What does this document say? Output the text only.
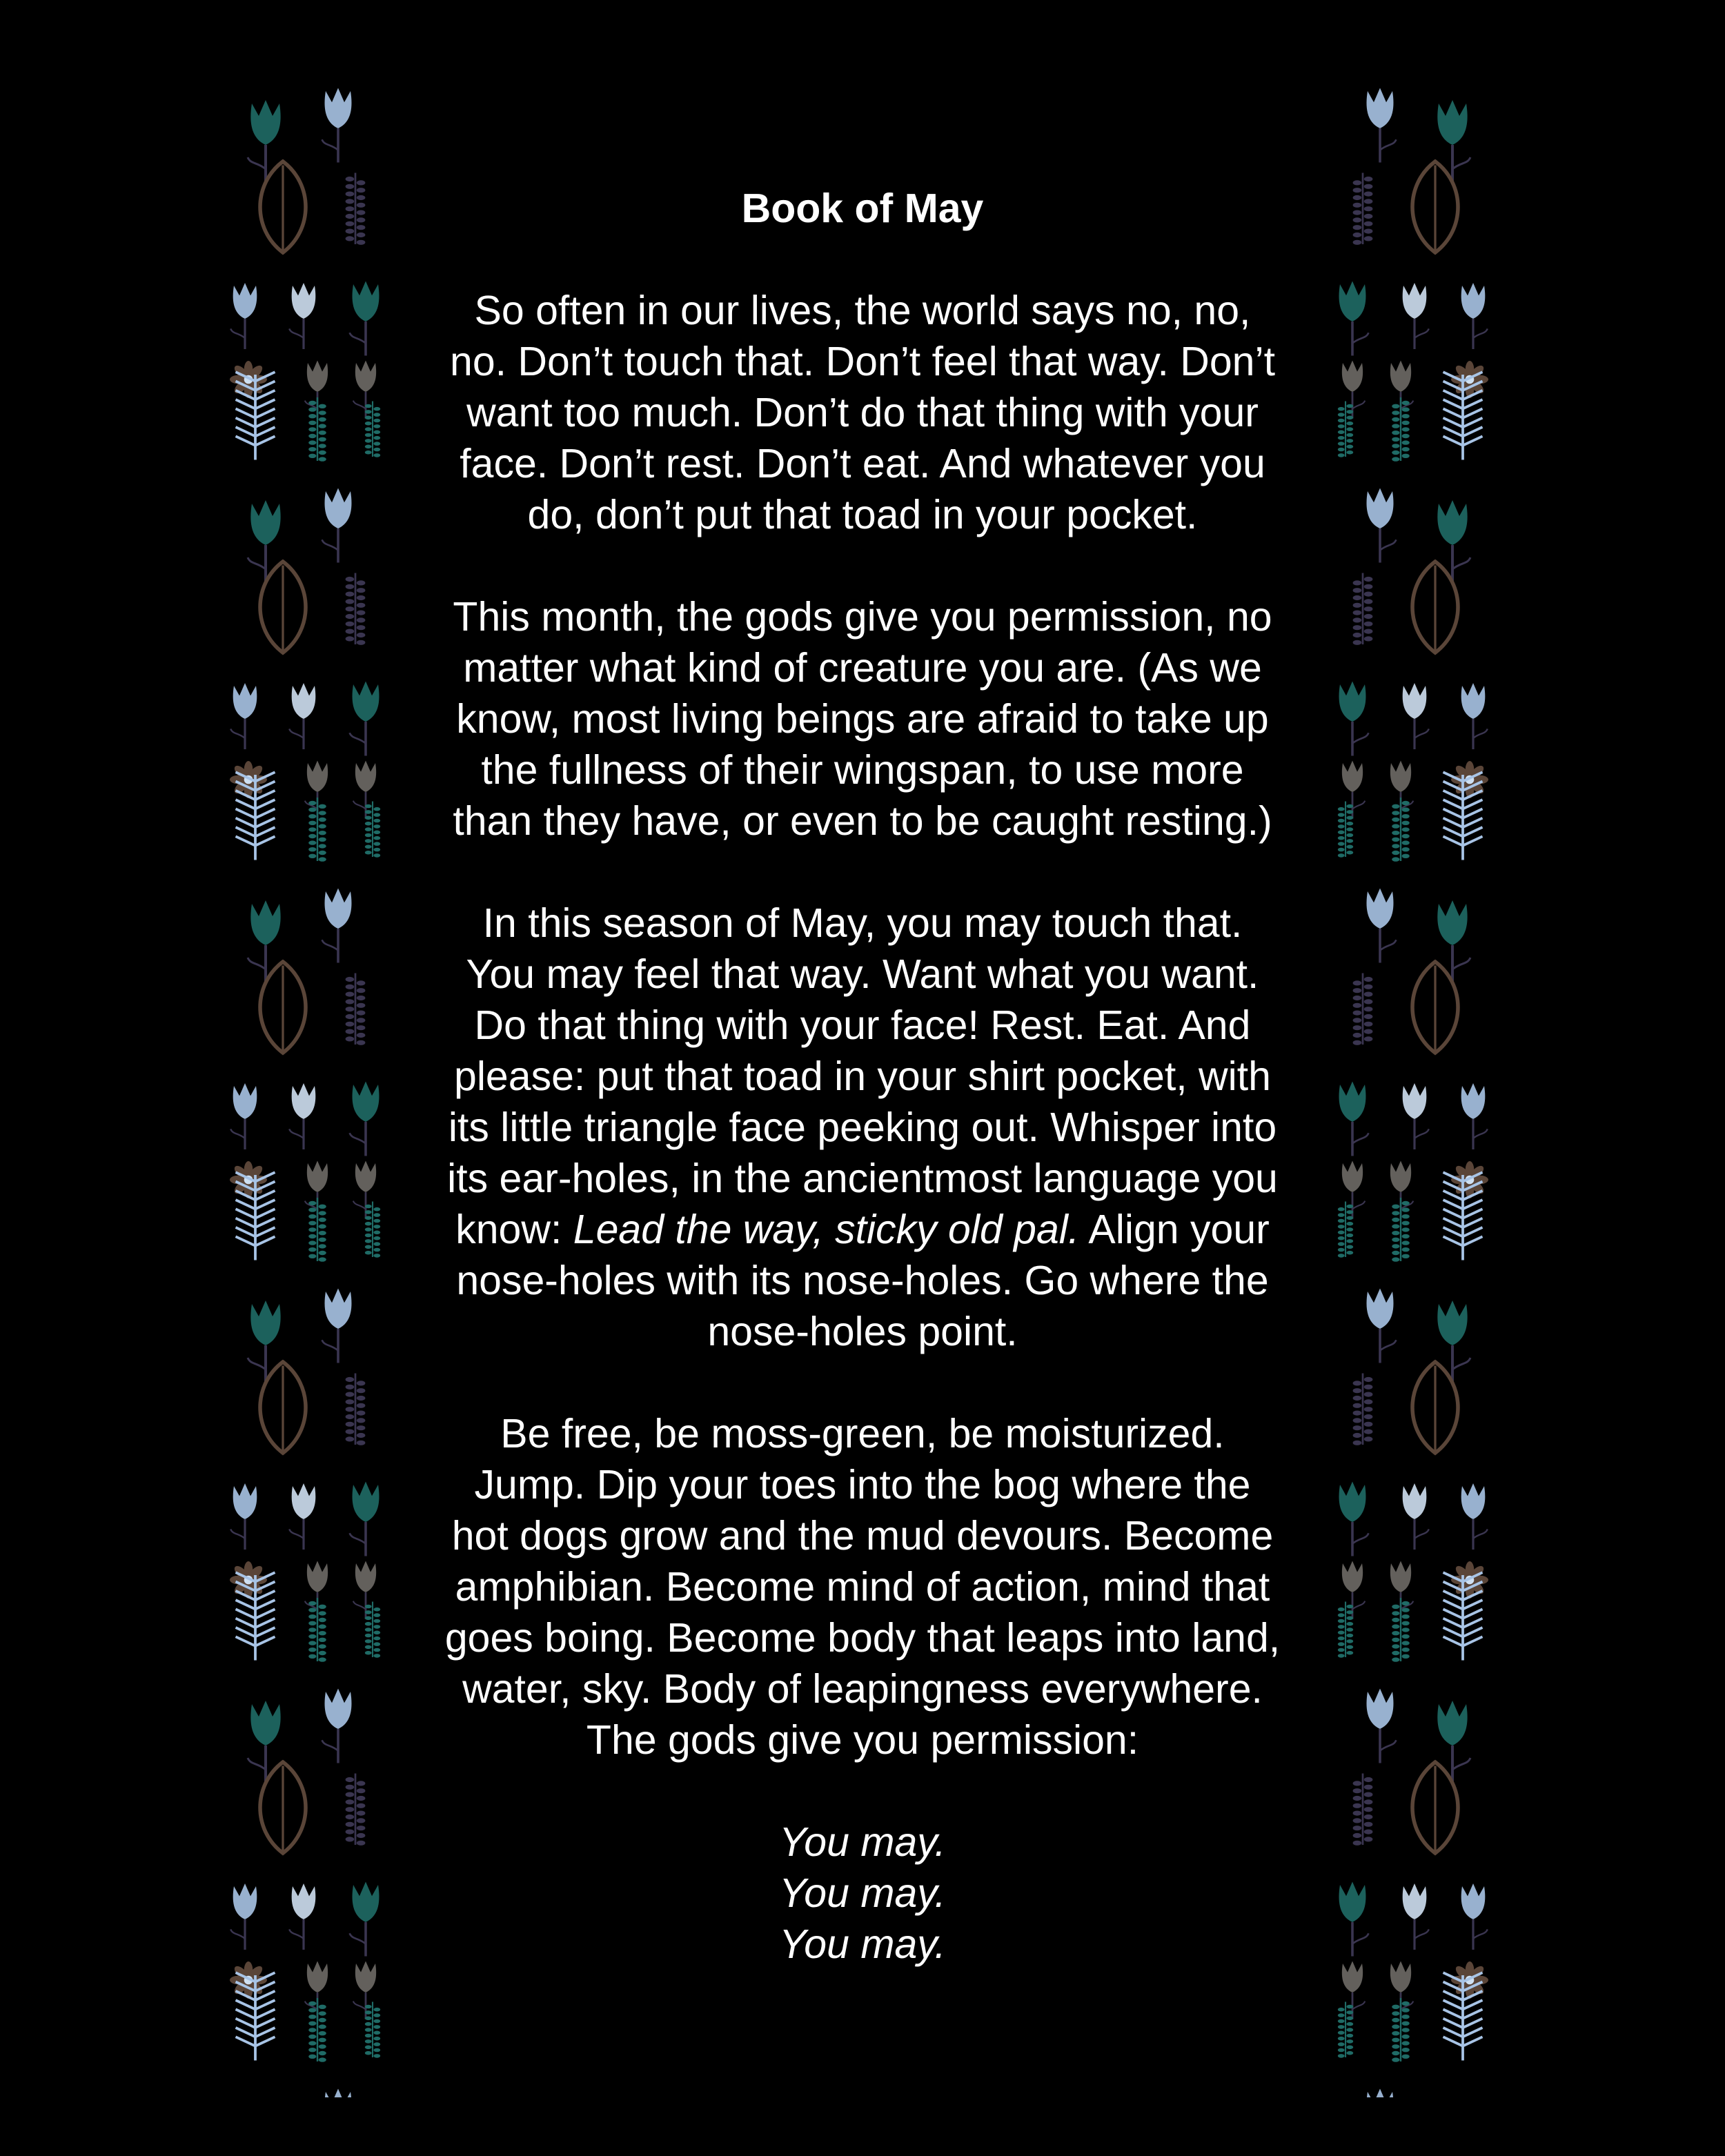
Book of May
So often in our lives, the world says no, no,
no. Don’t touch that. Don’t feel that way. Don’t
want too much. Don’t do that thing with your
face. Don’t rest. Don’t eat. And whatever you
do, don’t put that toad in your pocket.
This month, the gods give you permission, no
matter what kind of creature you are. (As we
know, most living beings are afraid to take up
the fullness of their wingspan, to use more
than they have, or even to be caught resting.)
In this season of May, you may touch that.
You may feel that way. Want what you want.
Do that thing with your face! Rest. Eat. And
please: put that toad in your shirt pocket, with
its little triangle face peeking out. Whisper into
its ear-holes, in the ancientmost language you
know: Lead the way, sticky old pal. Align your
nose-holes with its nose-holes. Go where the
nose-holes point.
Be free, be moss-green, be moisturized.
Jump. Dip your toes into the bog where the
hot dogs grow and the mud devours. Become
amphibian. Become mind of action, mind that
goes boing. Become body that leaps into land,
water, sky. Body of leapingness everywhere.
The gods give you permission:
You may.
You may.
You may.
